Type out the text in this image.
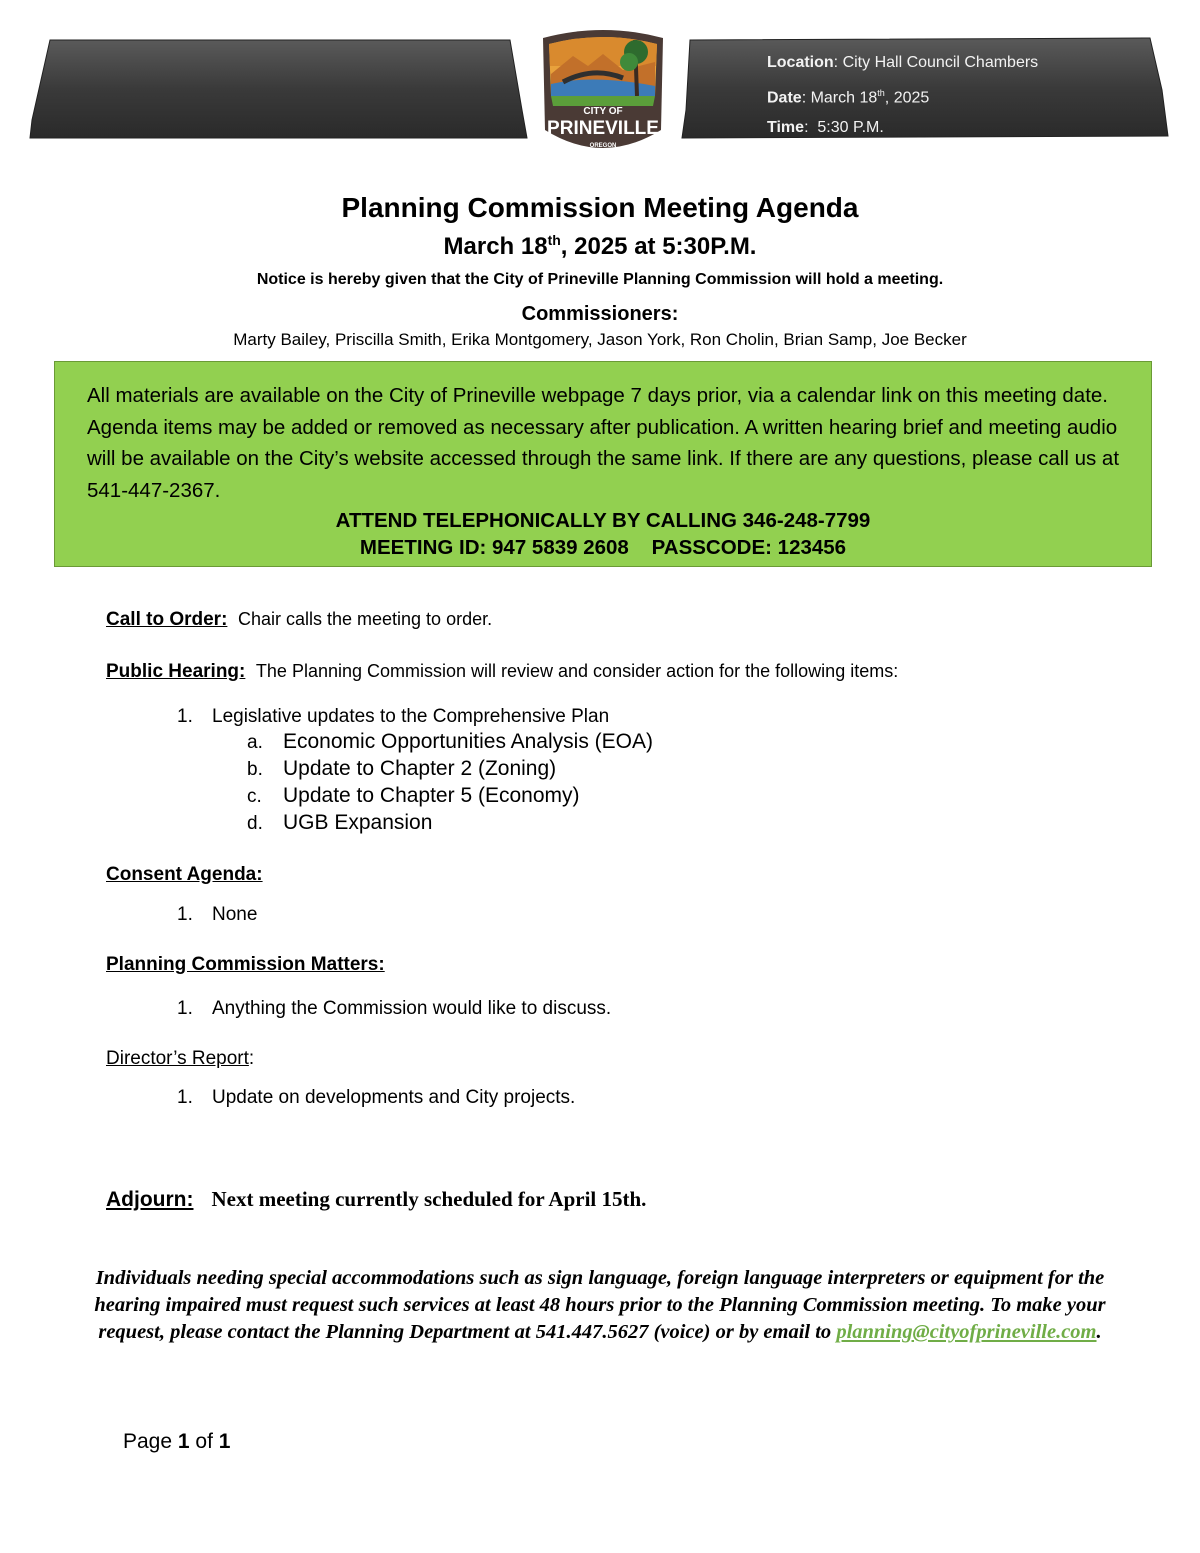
Location: City Hall Council Chambers
Date: March 18th, 2025
Time:  5:30 P.M.
CITY OF
PRINEVILLE
OREGON
Planning Commission Meeting Agenda
March 18th, 2025 at 5:30P.M.
Notice is hereby given that the City of Prineville Planning Commission will hold a meeting.
Commissioners:
Marty Bailey, Priscilla Smith, Erika Montgomery, Jason York, Ron Cholin, Brian Samp, Joe Becker
All materials are available on the City of Prineville webpage 7 days prior, via a calendar link on this meeting date. Agenda items may be added or removed as necessary after publication. A written hearing brief and meeting audio will be available on the City’s website accessed through the same link. If there are any questions, please call us at 541-447-2367.
ATTEND TELEPHONICALLY BY CALLING 346-248-7799
MEETING ID: 947 5839 2608    PASSCODE: 123456
Call to Order: Chair calls the meeting to order.
Public Hearing: The Planning Commission will review and consider action for the following items:
1. Legislative updates to the Comprehensive Plan
a. Economic Opportunities Analysis (EOA)
b. Update to Chapter 2 (Zoning)
c. Update to Chapter 5 (Economy)
d. UGB Expansion
Consent Agenda:
1. None
Planning Commission Matters:
1. Anything the Commission would like to discuss.
Director’s Report:
1. Update on developments and City projects.
Adjourn: Next meeting currently scheduled for April 15th.
Individuals needing special accommodations such as sign language, foreign language interpreters or equipment for the hearing impaired must request such services at least 48 hours prior to the Planning Commission meeting. To make your request, please contact the Planning Department at 541.447.5627 (voice) or by email to planning@cityofprineville.com.
Page 1 of 1
